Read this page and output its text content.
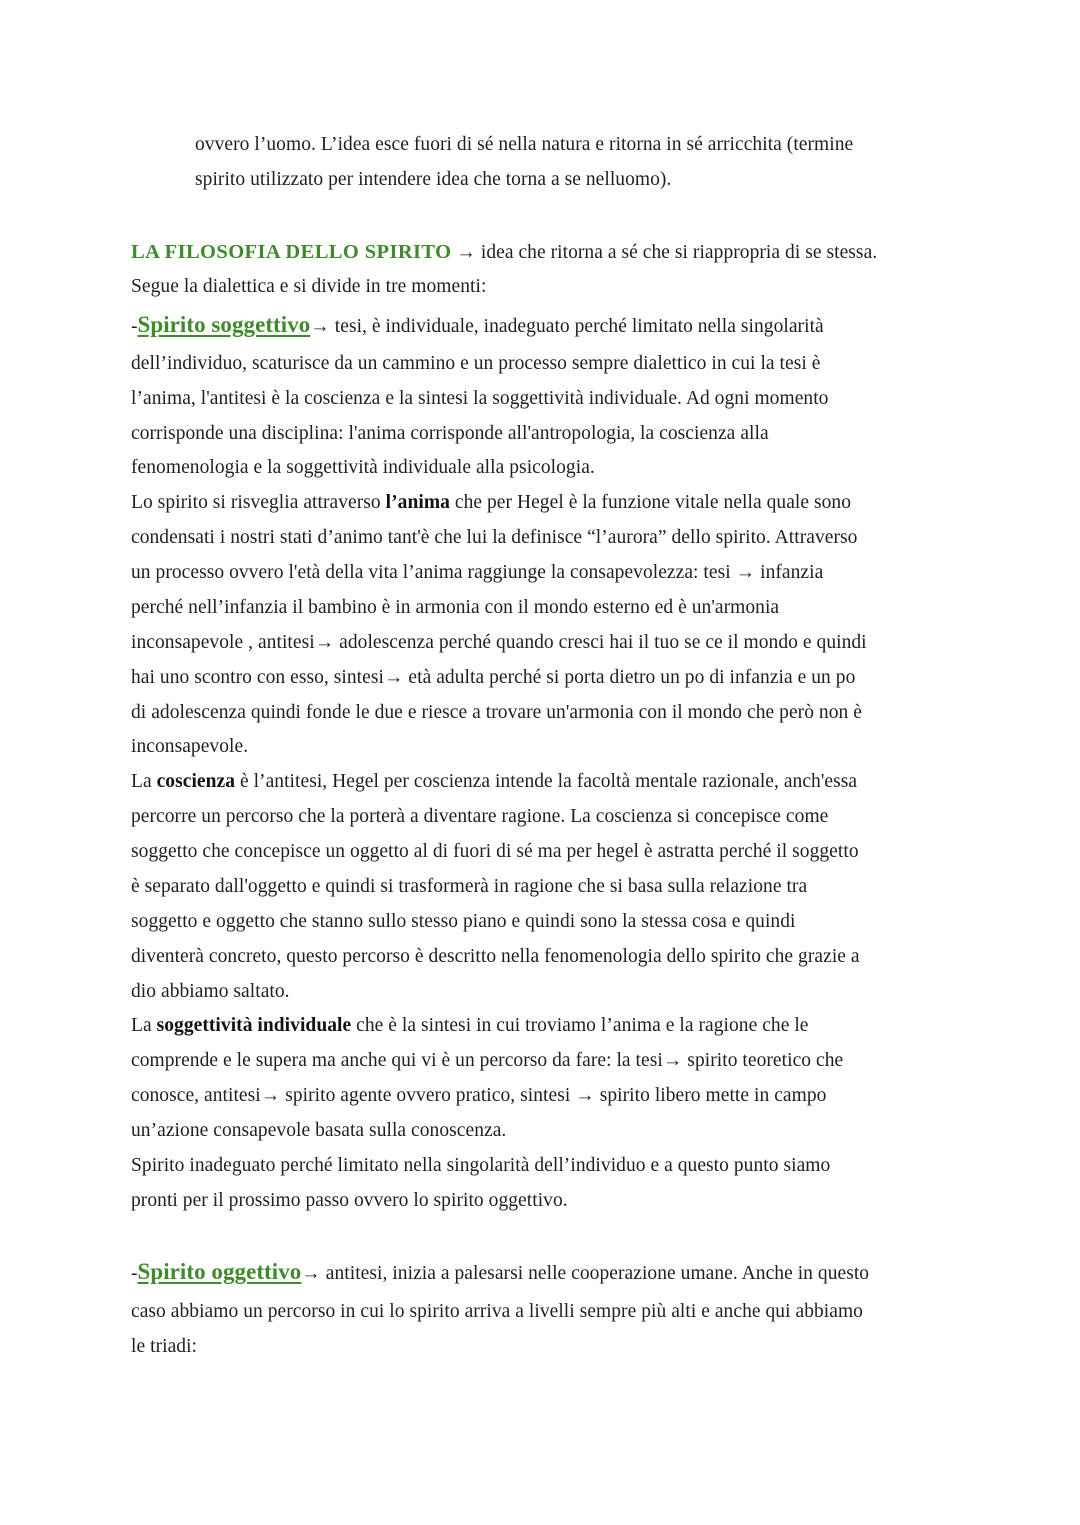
ovvero l’uomo. L’idea esce fuori di sé nella natura e ritorna in sé arricchita (termine
spirito utilizzato per intendere idea che torna a se nelluomo).
LA FILOSOFIA DELLO SPIRITO → idea che ritorna a sé che si riappropria di se stessa.
Segue la dialettica e si divide in tre momenti:
-Spirito soggettivo→ tesi, è individuale, inadeguato perché limitato nella singolarità
dell’individuo, scaturisce da un cammino e un processo sempre dialettico in cui la tesi è
l’anima, l'antitesi è la coscienza e la sintesi la soggettività individuale. Ad ogni momento
corrisponde una disciplina: l'anima corrisponde all'antropologia, la coscienza alla
fenomenologia e la soggettività individuale alla psicologia.
Lo spirito si risveglia attraverso l’anima che per Hegel è la funzione vitale nella quale sono
condensati i nostri stati d’animo tant'è che lui la definisce “l’aurora” dello spirito. Attraverso
un processo ovvero l'età della vita l’anima raggiunge la consapevolezza: tesi → infanzia
perché nell’infanzia il bambino è in armonia con il mondo esterno ed è un'armonia
inconsapevole , antitesi→ adolescenza perché quando cresci hai il tuo se ce il mondo e quindi
hai uno scontro con esso, sintesi→ età adulta perché si porta dietro un po di infanzia e un po
di adolescenza quindi fonde le due e riesce a trovare un'armonia con il mondo che però non è
inconsapevole.
La coscienza è l’antitesi, Hegel per coscienza intende la facoltà mentale razionale, anch'essa
percorre un percorso che la porterà a diventare ragione. La coscienza si concepisce come
soggetto che concepisce un oggetto al di fuori di sé ma per hegel è astratta perché il soggetto
è separato dall'oggetto e quindi si trasformerà in ragione che si basa sulla relazione tra
soggetto e oggetto che stanno sullo stesso piano e quindi sono la stessa cosa e quindi
diventerà concreto, questo percorso è descritto nella fenomenologia dello spirito che grazie a
dio abbiamo saltato.
La soggettività individuale che è la sintesi in cui troviamo l’anima e la ragione che le
comprende e le supera ma anche qui vi è un percorso da fare: la tesi→ spirito teoretico che
conosce, antitesi→ spirito agente ovvero pratico, sintesi → spirito libero mette in campo
un’azione consapevole basata sulla conoscenza.
Spirito inadeguato perché limitato nella singolarità dell’individuo e a questo punto siamo
pronti per il prossimo passo ovvero lo spirito oggettivo.
-Spirito oggettivo→ antitesi, inizia a palesarsi nelle cooperazione umane. Anche in questo
caso abbiamo un percorso in cui lo spirito arriva a livelli sempre più alti e anche qui abbiamo
le triadi:
